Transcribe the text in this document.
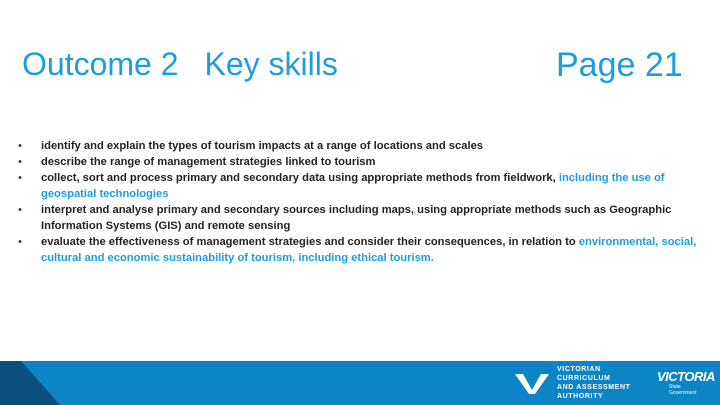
Outcome 2 Key skills	Page 21
•	identify and explain the types of tourism impacts at a range of locations and scales
•	describe the range of management strategies linked to tourism
•	collect, sort and process primary and secondary data using appropriate methods from fieldwork, including the use of geospatial technologies
•	interpret and analyse primary and secondary sources including maps, using appropriate methods such as Geographic Information Systems (GIS) and remote sensing
•	evaluate the effectiveness of management strategies and consider their consequences, in relation to environmental, social, cultural and economic sustainability of tourism, including ethical tourism.
VICTORIAN CURRICULUM
AND ASSESSMENT AUTHORITY
VICTORIA
State
Government
